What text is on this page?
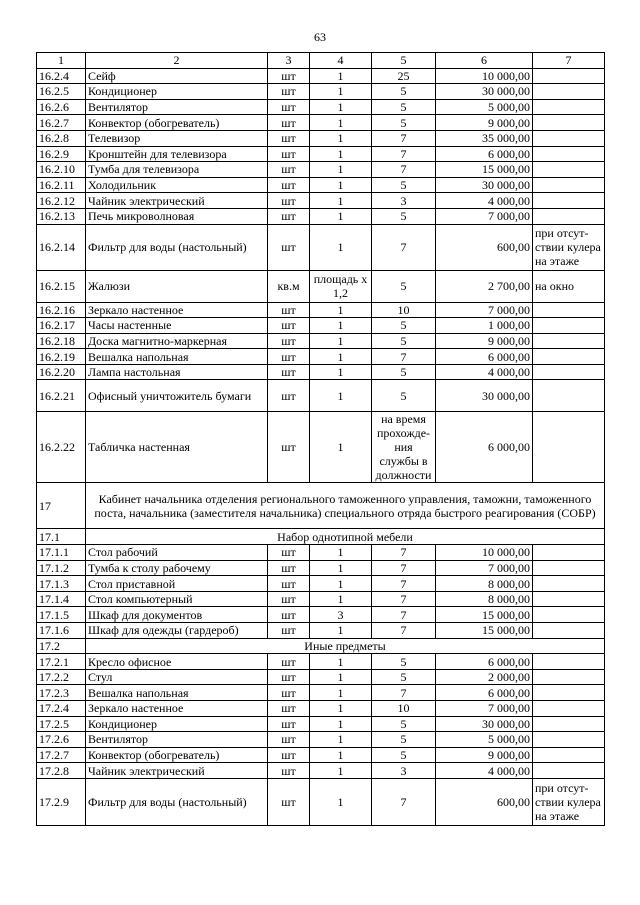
63
1	2	3	4	5	6	7
16.2.4	Сейф	шт	1	25	10 000,00	
16.2.5	Кондиционер	шт	1	5	30 000,00	
16.2.6	Вентилятор	шт	1	5	5 000,00	
16.2.7	Конвектор (обогреватель)	шт	1	5	9 000,00	
16.2.8	Телевизор	шт	1	7	35 000,00	
16.2.9	Кронштейн для телевизора	шт	1	7	6 000,00	
16.2.10	Тумба для телевизора	шт	1	7	15 000,00	
16.2.11	Холодильник	шт	1	5	30 000,00	
16.2.12	Чайник электрический	шт	1	3	4 000,00	
16.2.13	Печь микроволновая	шт	1	5	7 000,00	
16.2.14	Фильтр для воды (настольный)	шт	1	7	600,00	при отсут-ствии кулера на этаже
16.2.15	Жалюзи	кв.м	площадь х 1,2	5	2 700,00	на окно
16.2.16	Зеркало настенное	шт	1	10	7 000,00	
16.2.17	Часы настенные	шт	1	5	1 000,00	
16.2.18	Доска магнитно-маркерная	шт	1	5	9 000,00	
16.2.19	Вешалка напольная	шт	1	7	6 000,00	
16.2.20	Лампа настольная	шт	1	5	4 000,00	
16.2.21	Офисный уничтожитель бумаги	шт	1	5	30 000,00	
16.2.22	Табличка настенная	шт	1	на время прохожде-ния службы в должности	6 000,00	
17	Кабинет начальника отделения регионального таможенного управления, таможни, таможенного поста, начальника (заместителя начальника) специального отряда быстрого реагирования (СОБР)					
17.1	Набор однотипной мебели					
17.1.1	Стол рабочий	шт	1	7	10 000,00	
17.1.2	Тумба к столу рабочему	шт	1	7	7 000,00	
17.1.3	Стол приставной	шт	1	7	8 000,00	
17.1.4	Стол компьютерный	шт	1	7	8 000,00	
17.1.5	Шкаф для документов	шт	3	7	15 000,00	
17.1.6	Шкаф для одежды (гардероб)	шт	1	7	15 000,00	
17.2	Иные предметы					
17.2.1	Кресло офисное	шт	1	5	6 000,00	
17.2.2	Стул	шт	1	5	2 000,00	
17.2.3	Вешалка напольная	шт	1	7	6 000,00	
17.2.4	Зеркало настенное	шт	1	10	7 000,00	
17.2.5	Кондиционер	шт	1	5	30 000,00	
17.2.6	Вентилятор	шт	1	5	5 000,00	
17.2.7	Конвектор (обогреватель)	шт	1	5	9 000,00	
17.2.8	Чайник электрический	шт	1	3	4 000,00	
17.2.9	Фильтр для воды (настольный)	шт	1	7	600,00	при отсут-ствии кулера на этаже
